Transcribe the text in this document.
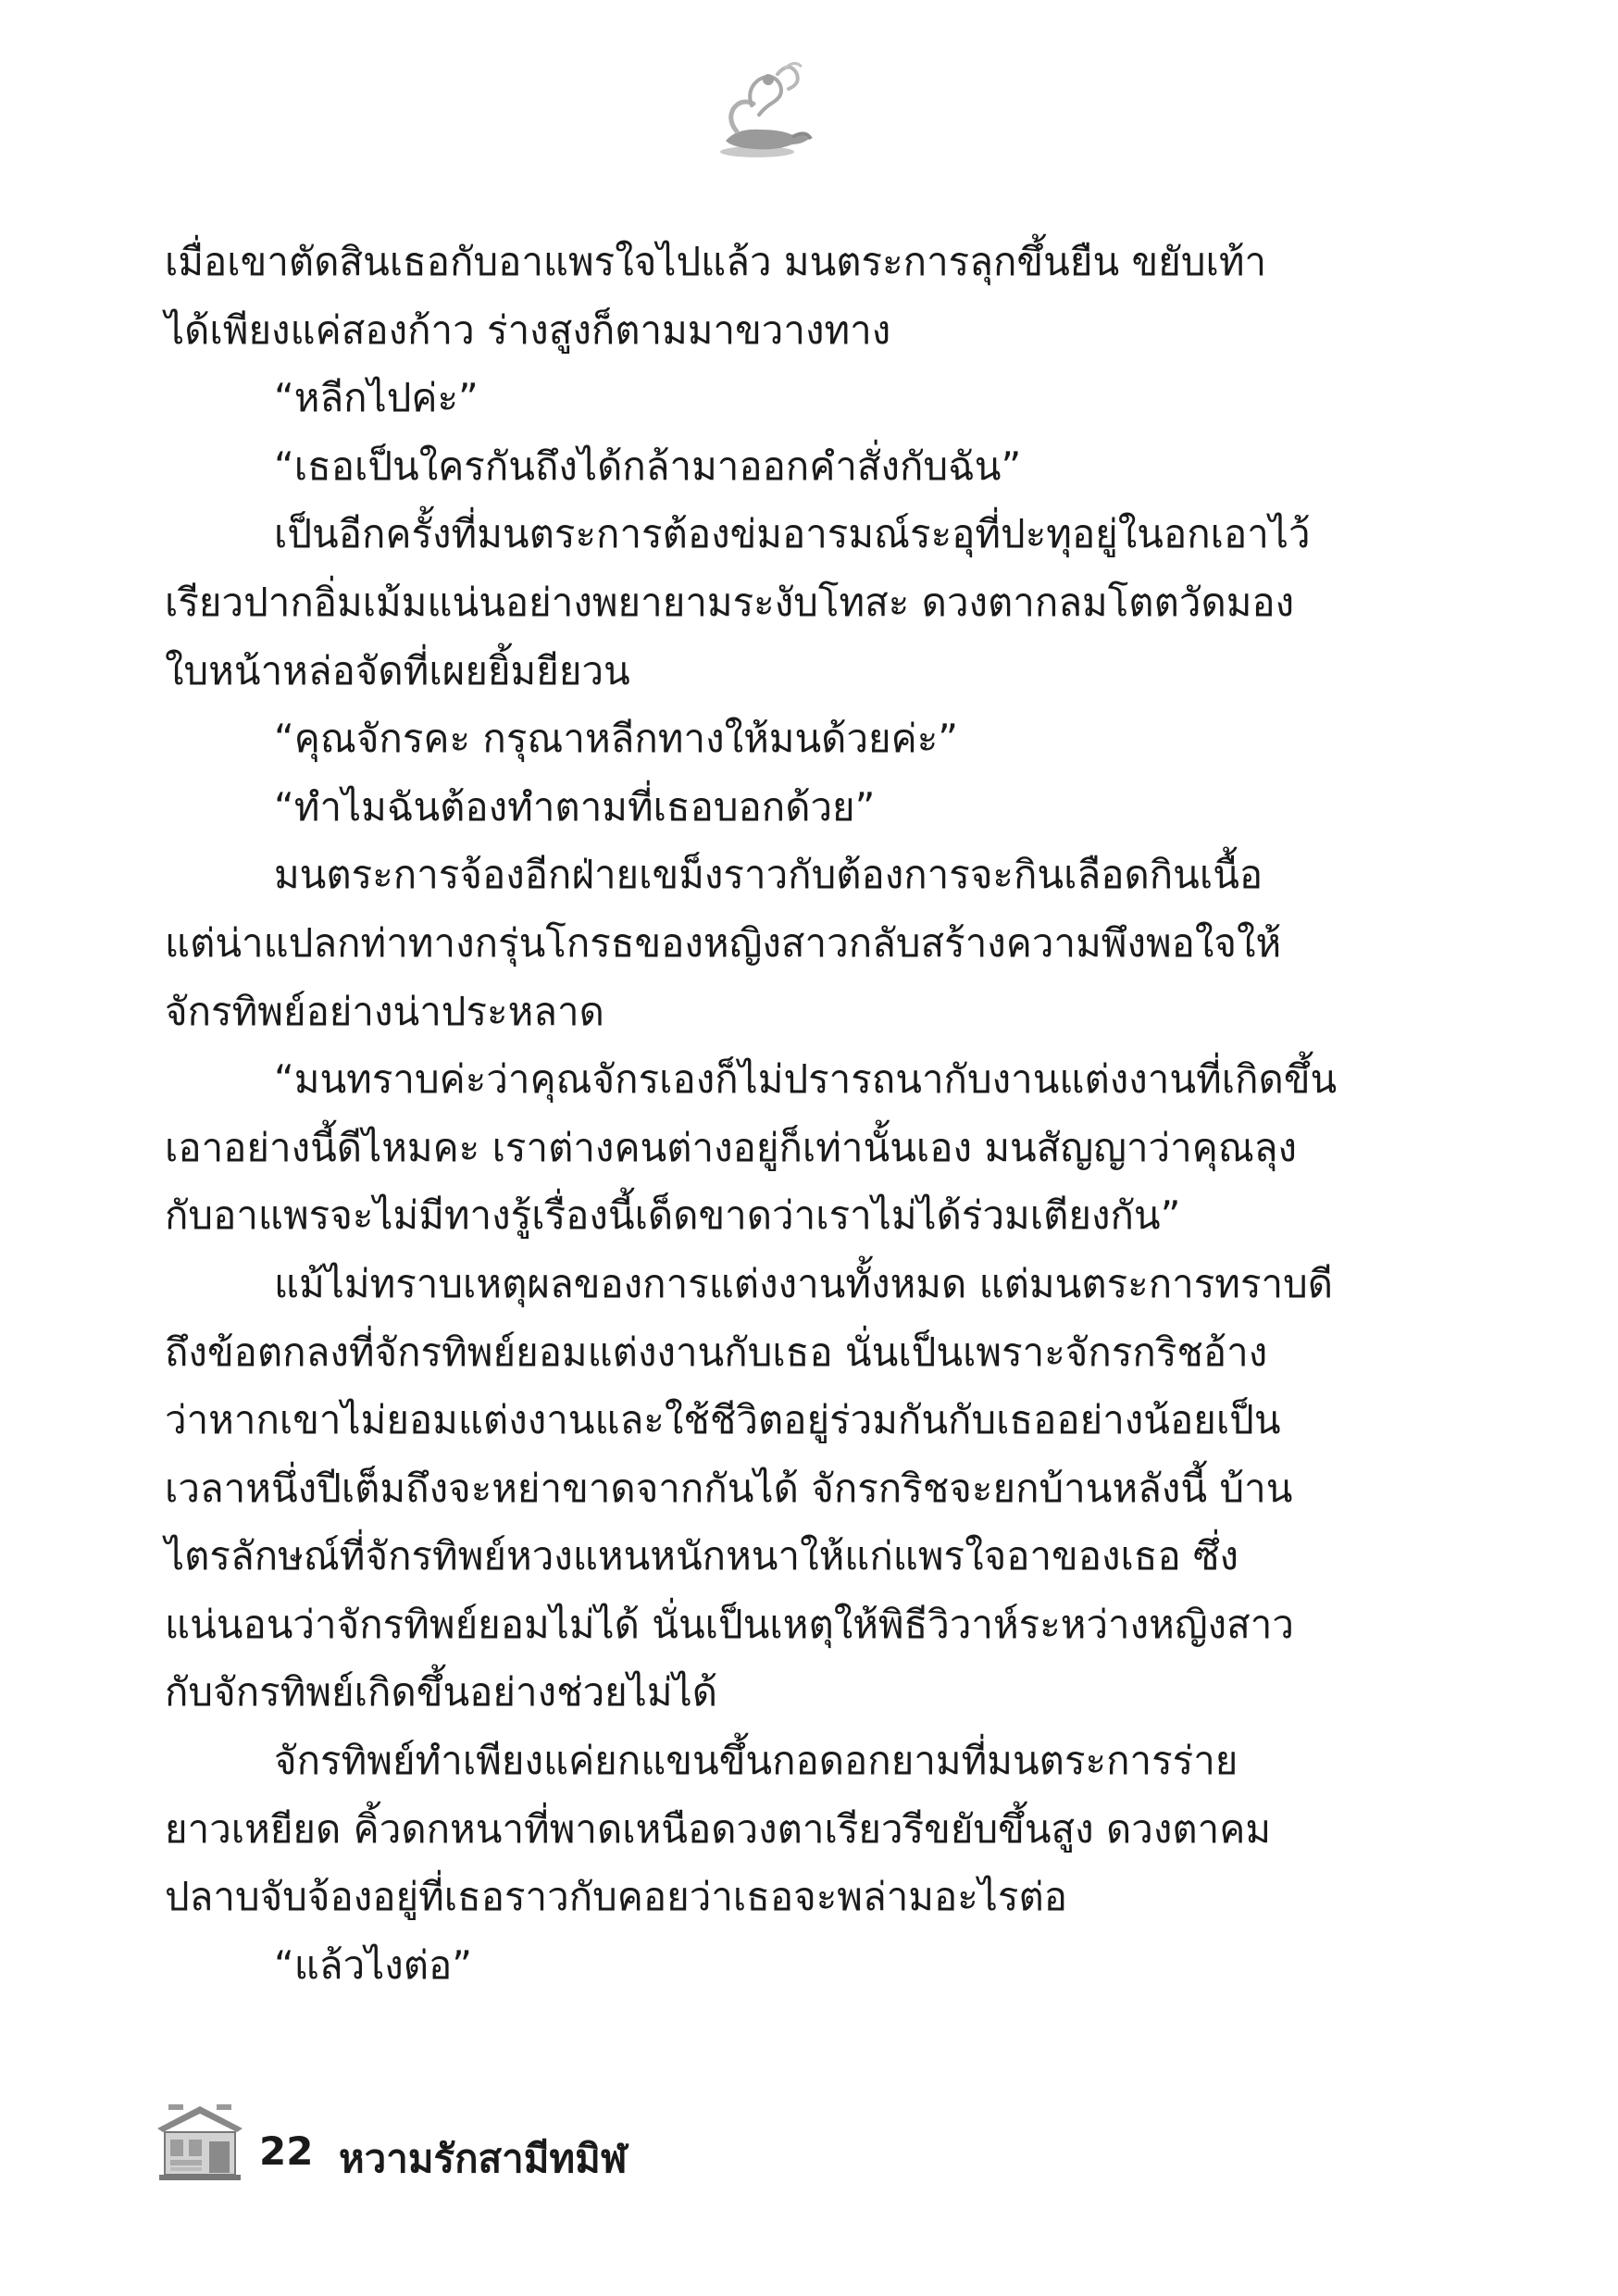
เมื่อเขาตัดสินเธอกับอาแพรใจไปแล้ว มนตระการลุกขึ้นยืน ขยับเท้า
ได้เพียงแค่สองก้าว ร่างสูงก็ตามมาขวางทาง
“หลีกไปค่ะ”
“เธอเป็นใครกันถึงได้กล้ามาออกคำสั่งกับฉัน”
เป็นอีกครั้งที่มนตระการต้องข่มอารมณ์ระอุที่ปะทุอยู่ในอกเอาไว้
เรียวปากอิ่มเม้มแน่นอย่างพยายามระงับโทสะ ดวงตากลมโตตวัดมอง
ใบหน้าหล่อจัดที่เผยยิ้มยียวน
“คุณจักรคะ กรุณาหลีกทางให้มนด้วยค่ะ”
“ทำไมฉันต้องทำตามที่เธอบอกด้วย”
มนตระการจ้องอีกฝ่ายเขม็งราวกับต้องการจะกินเลือดกินเนื้อ
แต่น่าแปลกท่าทางกรุ่นโกรธของหญิงสาวกลับสร้างความพึงพอใจให้
จักรทิพย์อย่างน่าประหลาด
“มนทราบค่ะว่าคุณจักรเองก็ไม่ปรารถนากับงานแต่งงานที่เกิดขึ้น
เอาอย่างนี้ดีไหมคะ เราต่างคนต่างอยู่ก็เท่านั้นเอง มนสัญญาว่าคุณลุง
กับอาแพรจะไม่มีทางรู้เรื่องนี้เด็ดขาดว่าเราไม่ได้ร่วมเตียงกัน”
แม้ไม่ทราบเหตุผลของการแต่งงานทั้งหมด แต่มนตระการทราบดี
ถึงข้อตกลงที่จักรทิพย์ยอมแต่งงานกับเธอ นั่นเป็นเพราะจักรกริชอ้าง
ว่าหากเขาไม่ยอมแต่งงานและใช้ชีวิตอยู่ร่วมกันกับเธออย่างน้อยเป็น
เวลาหนึ่งปีเต็มถึงจะหย่าขาดจากกันได้ จักรกริชจะยกบ้านหลังนี้ บ้าน
ไตรลักษณ์ที่จักรทิพย์หวงแหนหนักหนาให้แก่แพรใจอาของเธอ ซึ่ง
แน่นอนว่าจักรทิพย์ยอมไม่ได้ นั่นเป็นเหตุให้พิธีวิวาห์ระหว่างหญิงสาว
กับจักรทิพย์เกิดขึ้นอย่างช่วยไม่ได้
จักรทิพย์ทำเพียงแค่ยกแขนขึ้นกอดอกยามที่มนตระการร่าย
ยาวเหยียด คิ้วดกหนาที่พาดเหนือดวงตาเรียวรีขยับขึ้นสูง ดวงตาคม
ปลาบจับจ้องอยู่ที่เธอราวกับคอยว่าเธอจะพล่ามอะไรต่อ
“แล้วไงต่อ”
22 หวามรักสามีทมิฬ
